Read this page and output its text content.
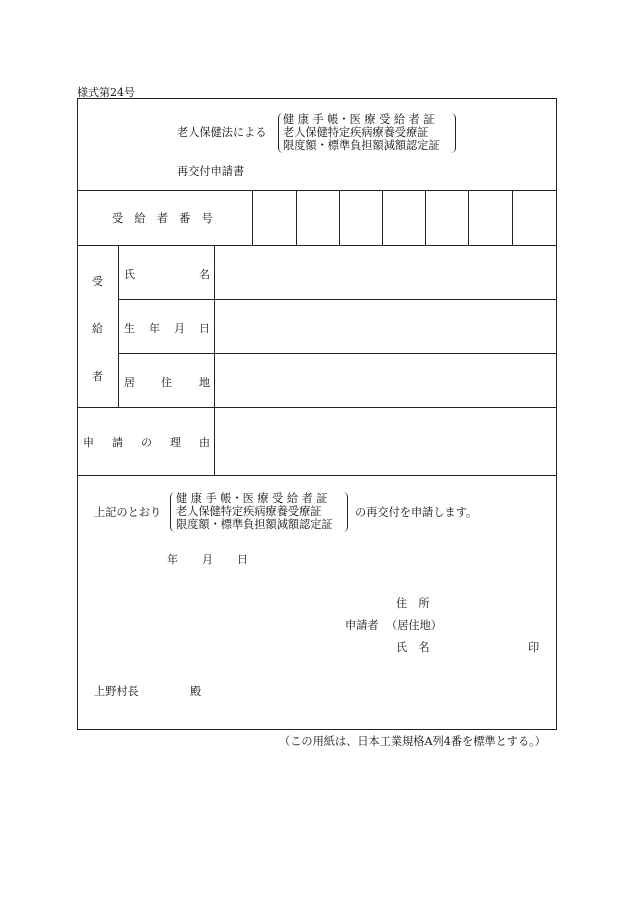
様式第24号
老人保健法による
健 康 手 帳・医 療 受 給 者 証
老人保健特定疾病療養受療証
限度額・標準負担額減額認定証
再交付申請書
受　給　者　番　号
受
給
者
氏	名
生 年 月 日
居 住 地
申 請 の 理 由
上記のとおり
健 康 手 帳・医 療 受 給 者 証
老人保健特定疾病療養受療証
限度額・標準負担額減額認定証
の再交付を申請します。
年 月 日
住　所
申請者 （居住地）
氏　名	印
上野村長	殿
（この用紙は、日本工業規格A列4番を標準とする。）
